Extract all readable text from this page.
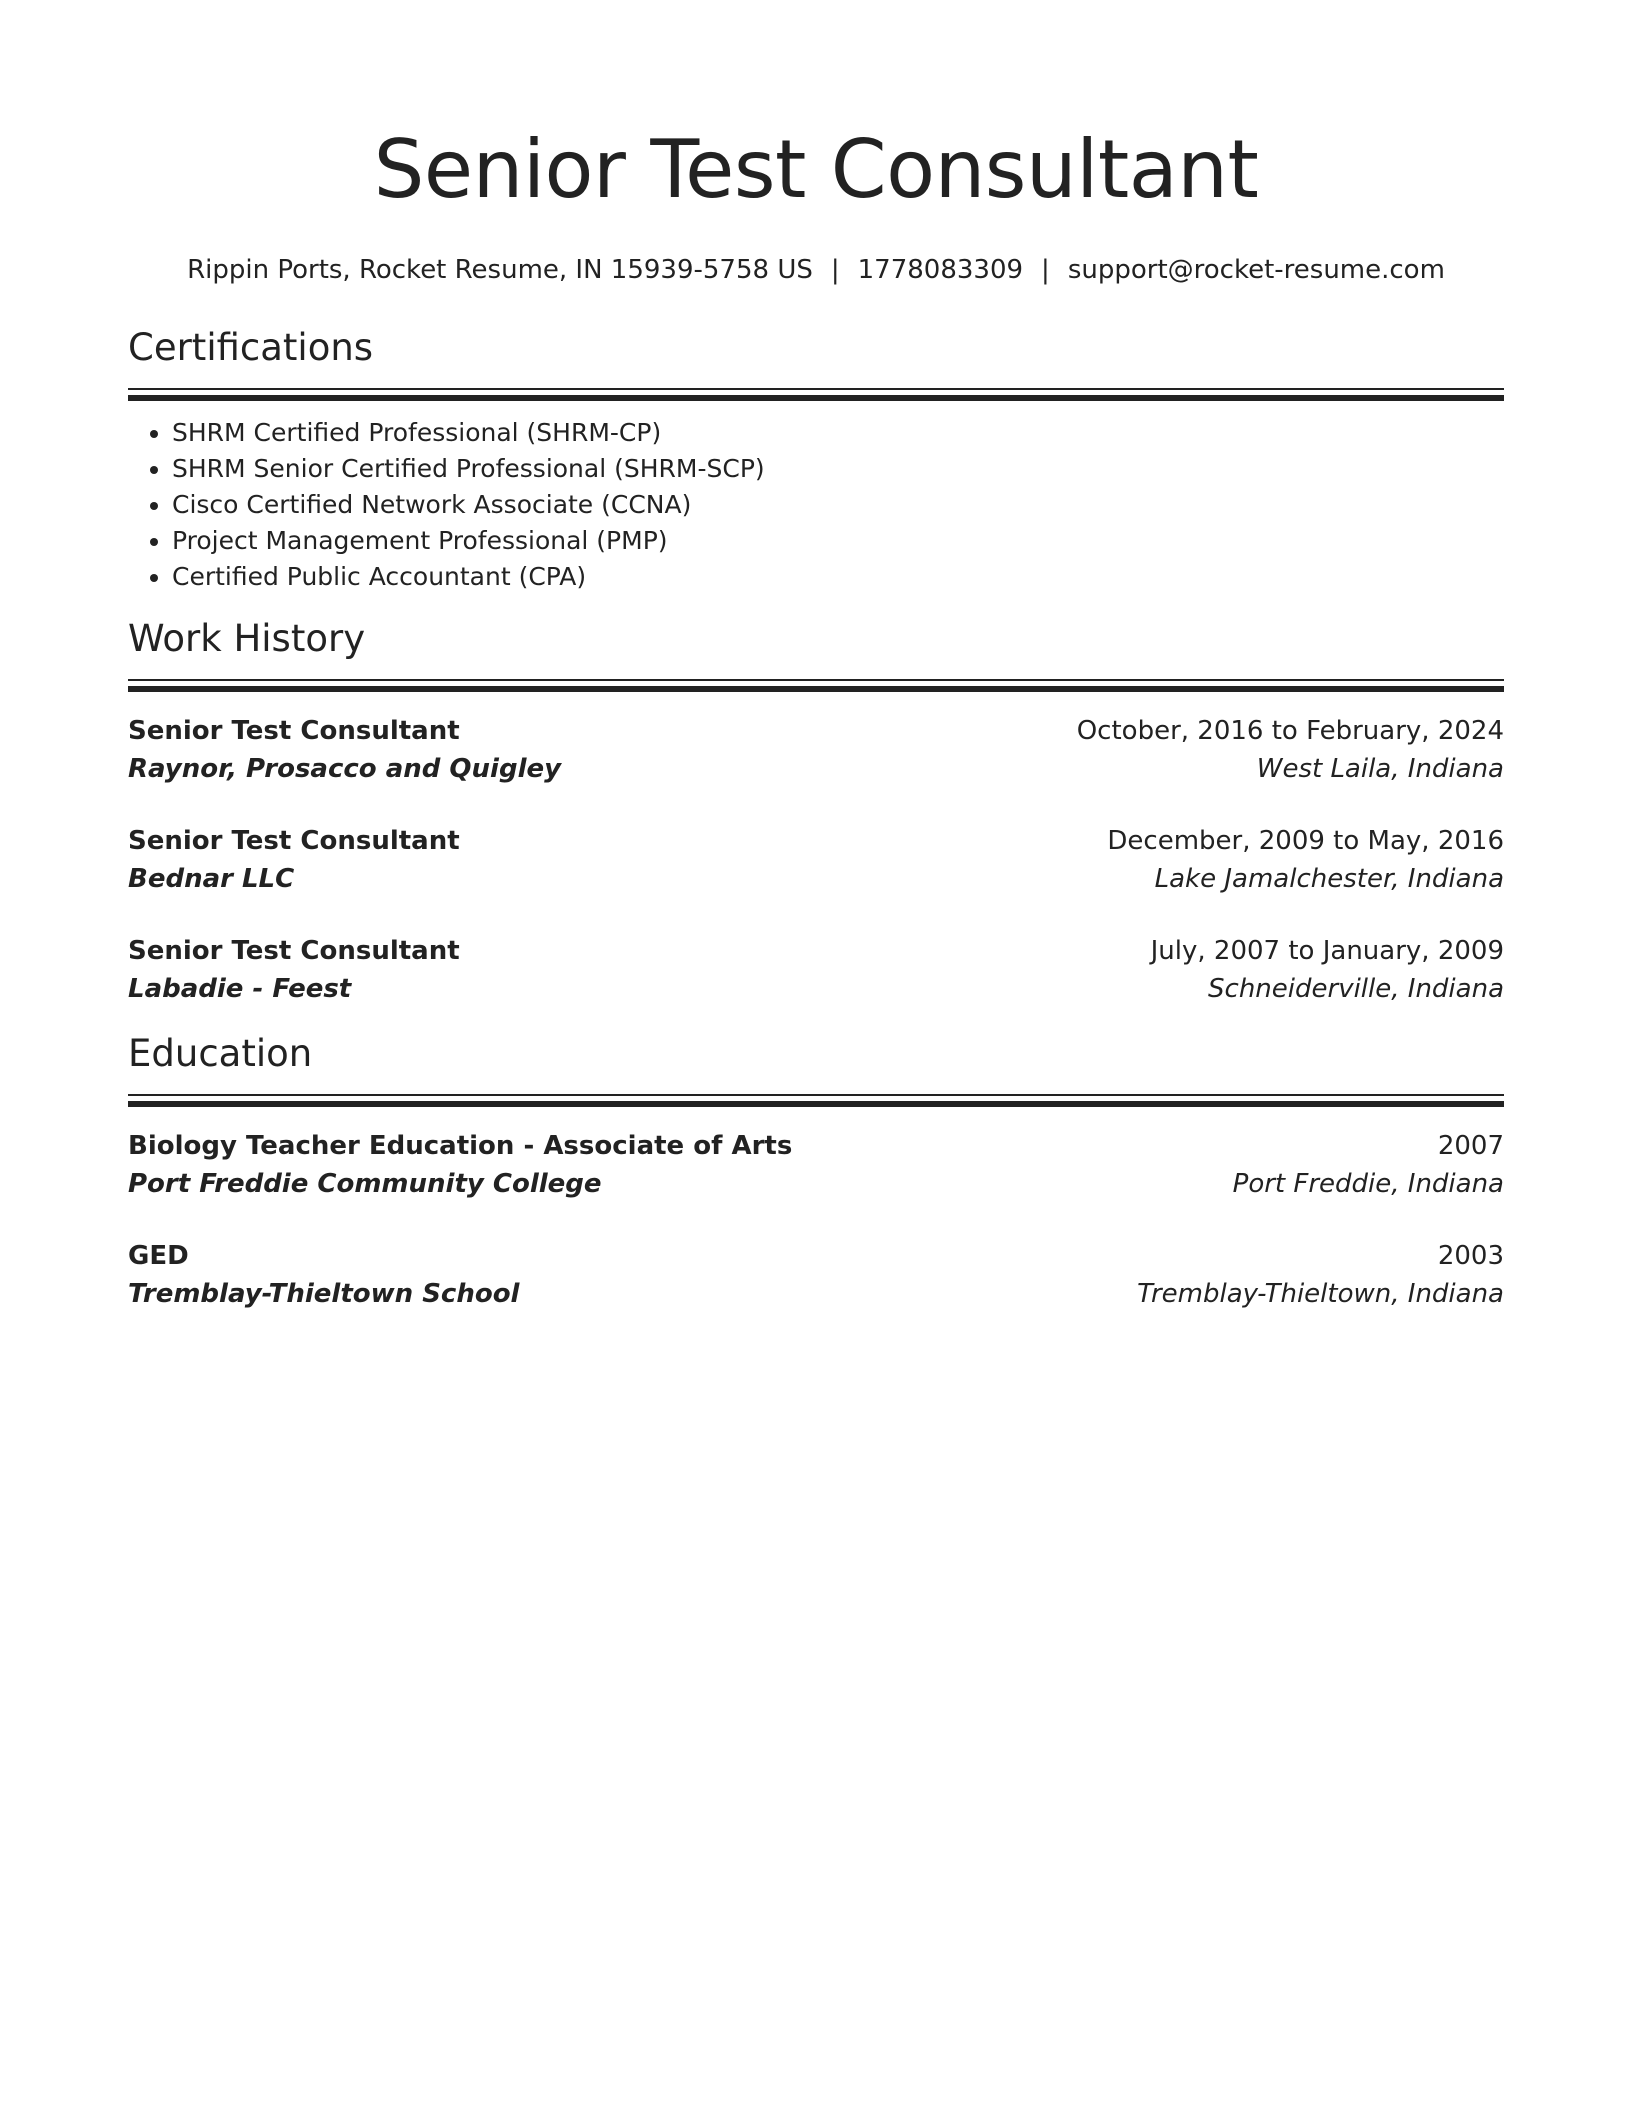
Senior Test Consultant
Rippin Ports, Rocket Resume, IN 15939-5758 US | 1778083309 | support@rocket-resume.com
Certifications
• SHRM Certified Professional (SHRM-CP)
• SHRM Senior Certified Professional (SHRM-SCP)
• Cisco Certified Network Associate (CCNA)
• Project Management Professional (PMP)
• Certified Public Accountant (CPA)
Work History
Senior Test Consultant	October, 2016 to February, 2024
Raynor, Prosacco and Quigley	West Laila, Indiana
Senior Test Consultant	December, 2009 to May, 2016
Bednar LLC	Lake Jamalchester, Indiana
Senior Test Consultant	July, 2007 to January, 2009
Labadie - Feest	Schneiderville, Indiana
Education
Biology Teacher Education - Associate of Arts	2007
Port Freddie Community College	Port Freddie, Indiana
GED	2003
Tremblay-Thieltown School	Tremblay-Thieltown, Indiana
